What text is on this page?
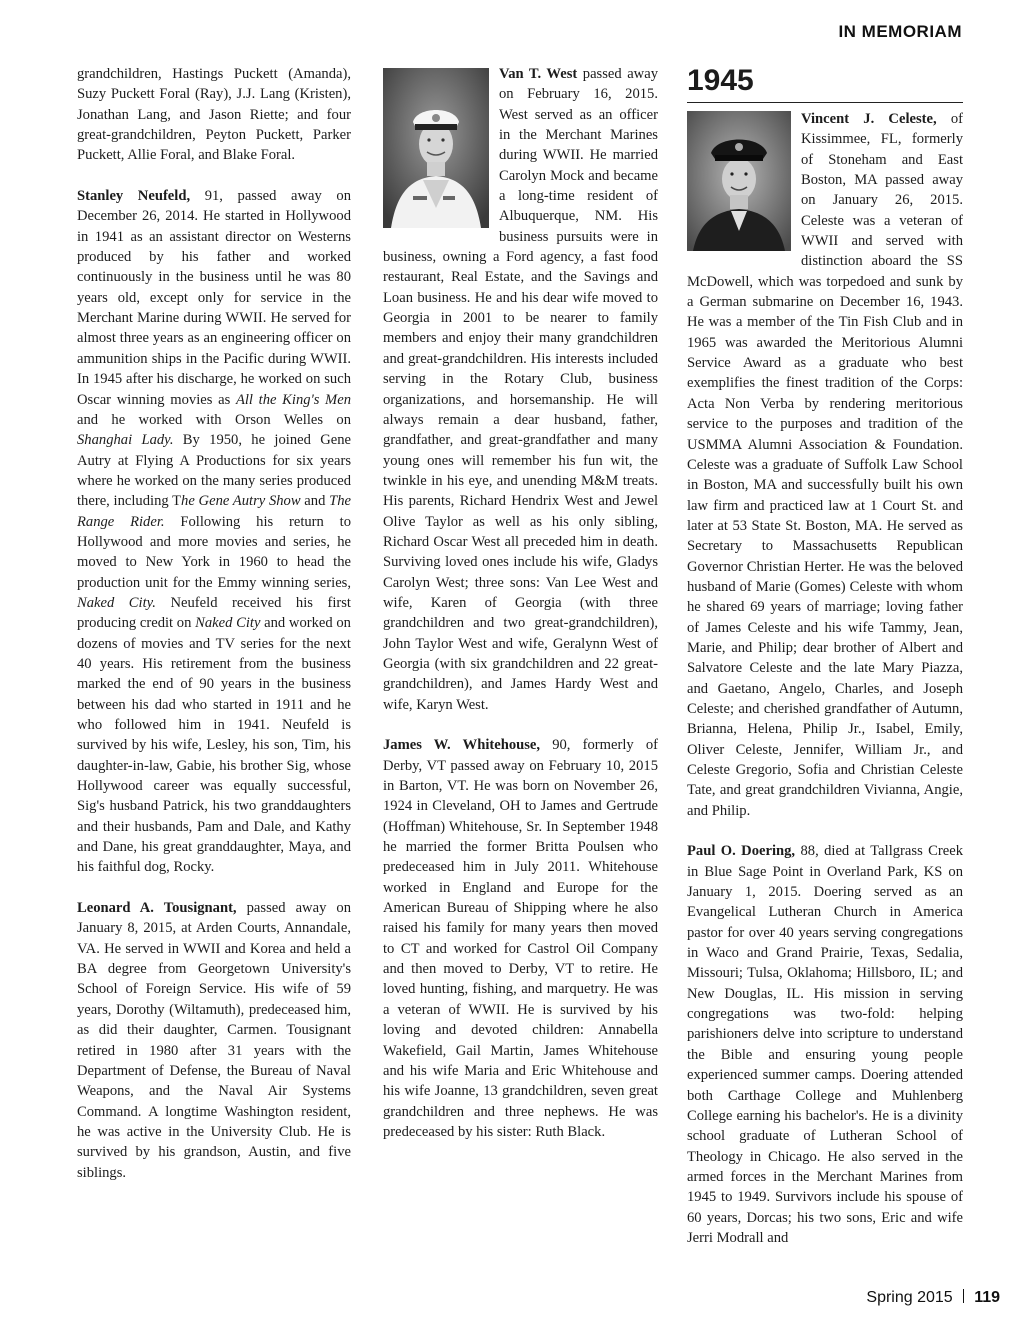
IN MEMORIAM

grandchildren, Hastings Puckett (Amanda), Suzy Puckett Foral (Ray), J.J. Lang (Kristen), Jonathan Lang, and Jason Riette; and four great-grandchildren, Peyton Puckett, Parker Puckett, Allie Foral, and Blake Foral.

Stanley Neufeld, 91, passed away on December 26, 2014. He started in Hollywood in 1941 as an assistant director on Westerns produced by his father and worked continuously in the business until he was 80 years old, except only for service in the Merchant Marine during WWII. He served for almost three years as an engineering officer on ammunition ships in the Pacific during WWII. In 1945 after his discharge, he worked on such Oscar winning movies as All the King's Men and he worked with Orson Welles on Shanghai Lady. By 1950, he joined Gene Autry at Flying A Productions for six years where he worked on the many series produced there, including The Gene Autry Show and The Range Rider. Following his return to Hollywood and more movies and series, he moved to New York in 1960 to head the production unit for the Emmy winning series, Naked City. Neufeld received his first producing credit on Naked City and worked on dozens of movies and TV series for the next 40 years. His retirement from the business marked the end of 90 years in the business between his dad who started in 1911 and he who followed him in 1941. Neufeld is survived by his wife, Lesley, his son, Tim, his daughter-in-law, Gabie, his brother Sig, whose Hollywood career was equally successful, Sig's husband Patrick, his two granddaughters and their husbands, Pam and Dale, and Kathy and Dane, his great granddaughter, Maya, and his faithful dog, Rocky.

Leonard A. Tousignant, passed away on January 8, 2015, at Arden Courts, Annandale, VA. He served in WWII and Korea and held a BA degree from Georgetown University's School of Foreign Service. His wife of 59 years, Dorothy (Wiltamuth), predeceased him, as did their daughter, Carmen. Tousignant retired in 1980 after 31 years with the Department of Defense, the Bureau of Naval Weapons, and the Naval Air Systems Command. A longtime Washington resident, he was active in the University Club. He is survived by his grandson, Austin, and five siblings.

Van T. West passed away on February 16, 2015. West served as an officer in the Merchant Marines during WWII. He married Carolyn Mock and became a long-time resident of Albuquerque, NM. His business pursuits were in business, owning a Ford agency, a fast food restaurant, Real Estate, and the Savings and Loan business. He and his dear wife moved to Georgia in 2001 to be nearer to family members and enjoy their many grandchildren and great-grandchildren. His interests included serving in the Rotary Club, business organizations, and horsemanship. He will always remain a dear husband, father, grandfather, and great-grandfather and many young ones will remember his fun wit, the twinkle in his eye, and unending M&M treats. His parents, Richard Hendrix West and Jewel Olive Taylor as well as his only sibling, Richard Oscar West all preceded him in death. Surviving loved ones include his wife, Gladys Carolyn West; three sons: Van Lee West and wife, Karen of Georgia (with three grandchildren and two great-grandchildren), John Taylor West and wife, Geralynn West of Georgia (with six grandchildren and 22 great-grandchildren), and James Hardy West and wife, Karyn West.

James W. Whitehouse, 90, formerly of Derby, VT passed away on February 10, 2015 in Barton, VT. He was born on November 26, 1924 in Cleveland, OH to James and Gertrude (Hoffman) Whitehouse, Sr. In September 1948 he married the former Britta Poulsen who predeceased him in July 2011. Whitehouse worked in England and Europe for the American Bureau of Shipping where he also raised his family for many years then moved to CT and worked for Castrol Oil Company and then moved to Derby, VT to retire. He loved hunting, fishing, and marquetry. He was a veteran of WWII. He is survived by his loving and devoted children: Annabella Wakefield, Gail Martin, James Whitehouse and his wife Maria and Eric Whitehouse and his wife Joanne, 13 grandchildren, seven great grandchildren and three nephews. He was predeceased by his sister: Ruth Black.

1945

Vincent J. Celeste, of Kissimmee, FL, formerly of Stoneham and East Boston, MA passed away on January 26, 2015. Celeste was a veteran of WWII and served with distinction aboard the SS McDowell, which was torpedoed and sunk by a German submarine on December 16, 1943. He was a member of the Tin Fish Club and in 1965 was awarded the Meritorious Alumni Service Award as a graduate who best exemplifies the finest tradition of the Corps: Acta Non Verba by rendering meritorious service to the purposes and tradition of the USMMA Alumni Association & Foundation. Celeste was a graduate of Suffolk Law School in Boston, MA and successfully built his own law firm and practiced law at 1 Court St. and later at 53 State St. Boston, MA. He served as Secretary to Massachusetts Republican Governor Christian Herter. He was the beloved husband of Marie (Gomes) Celeste with whom he shared 69 years of marriage; loving father of James Celeste and his wife Tammy, Jean, Marie, and Philip; dear brother of Albert and Salvatore Celeste and the late Mary Piazza, and Gaetano, Angelo, Charles, and Joseph Celeste; and cherished grandfather of Autumn, Brianna, Helena, Philip Jr., Isabel, Emily, Oliver Celeste, Jennifer, William Jr., and Celeste Gregorio, Sofia and Christian Celeste Tate, and great grandchildren Vivianna, Angie, and Philip.

Paul O. Doering, 88, died at Tallgrass Creek in Blue Sage Point in Overland Park, KS on January 1, 2015. Doering served as an Evangelical Lutheran Church in America pastor for over 40 years serving congregations in Waco and Grand Prairie, Texas, Sedalia, Missouri; Tulsa, Oklahoma; Hillsboro, IL; and New Douglas, IL. His mission in serving congregations was two-fold: helping parishioners delve into scripture to understand the Bible and ensuring young people experienced summer camps. Doering attended both Carthage College and Muhlenberg College earning his bachelor's. He is a divinity school graduate of Lutheran School of Theology in Chicago. He also served in the armed forces in the Merchant Marines from 1945 to 1949. Survivors include his spouse of 60 years, Dorcas; his two sons, Eric and wife Jerri Modrall and

Spring 2015 119
